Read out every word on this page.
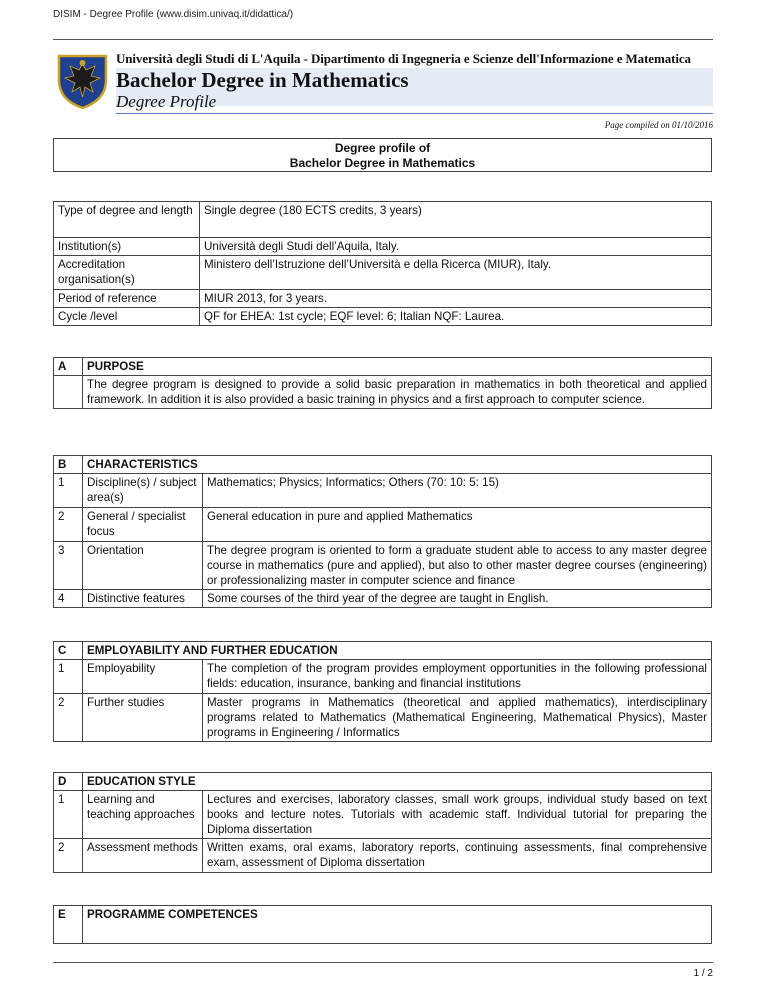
DISIM - Degree Profile (www.disim.univaq.it/didattica/)
Università degli Studi di L'Aquila - Dipartimento di Ingegneria e Scienze dell'Informazione e Matematica
Bachelor Degree in Mathematics
Degree Profile
Page compiled on 01/10/2016
Degree profile of
Bachelor Degree in Mathematics
Type of degree and length	Single degree (180 ECTS credits, 3 years)
Institution(s)	Università degli Studi dell’Aquila, Italy.
Accreditation organisation(s)	Ministero dell’Istruzione dell’Università e della Ricerca (MIUR), Italy.
Period of reference	MIUR 2013, for 3 years.
Cycle /level	QF for EHEA: 1st cycle; EQF level: 6; Italian NQF: Laurea.
A	PURPOSE
	The degree program is designed to provide a solid basic preparation in mathematics in both theoretical and applied framework. In addition it is also provided a basic training in physics and a first approach to computer science.
B	CHARACTERISTICS	
1	Discipline(s) / subject area(s)	Mathematics; Physics; Informatics; Others (70: 10: 5: 15)
2	General / specialist focus	General education in pure and applied Mathematics
3	Orientation	The degree program is oriented to form a graduate student able to access to any master degree course in mathematics (pure and applied), but also to other master degree courses (engineering) or professionalizing master in computer science and finance
4	Distinctive features	Some courses of the third year of the degree are taught in English.
C	EMPLOYABILITY AND FURTHER EDUCATION	
1	Employability	The completion of the program provides employment opportunities in the following professional fields: education, insurance, banking and financial institutions
2	Further studies	Master programs in Mathematics (theoretical and applied mathematics), interdisciplinary programs related to Mathematics (Mathematical Engineering, Mathematical Physics), Master programs in Engineering / Informatics
D	EDUCATION STYLE	
1	Learning and teaching approaches	Lectures and exercises, laboratory classes, small work groups, individual study based on text books and lecture notes. Tutorials with academic staff. Individual tutorial for preparing the Diploma dissertation
2	Assessment methods	Written exams, oral exams, laboratory reports, continuing assessments, final comprehensive exam, assessment of Diploma dissertation
E	PROGRAMME COMPETENCES
1 / 2
